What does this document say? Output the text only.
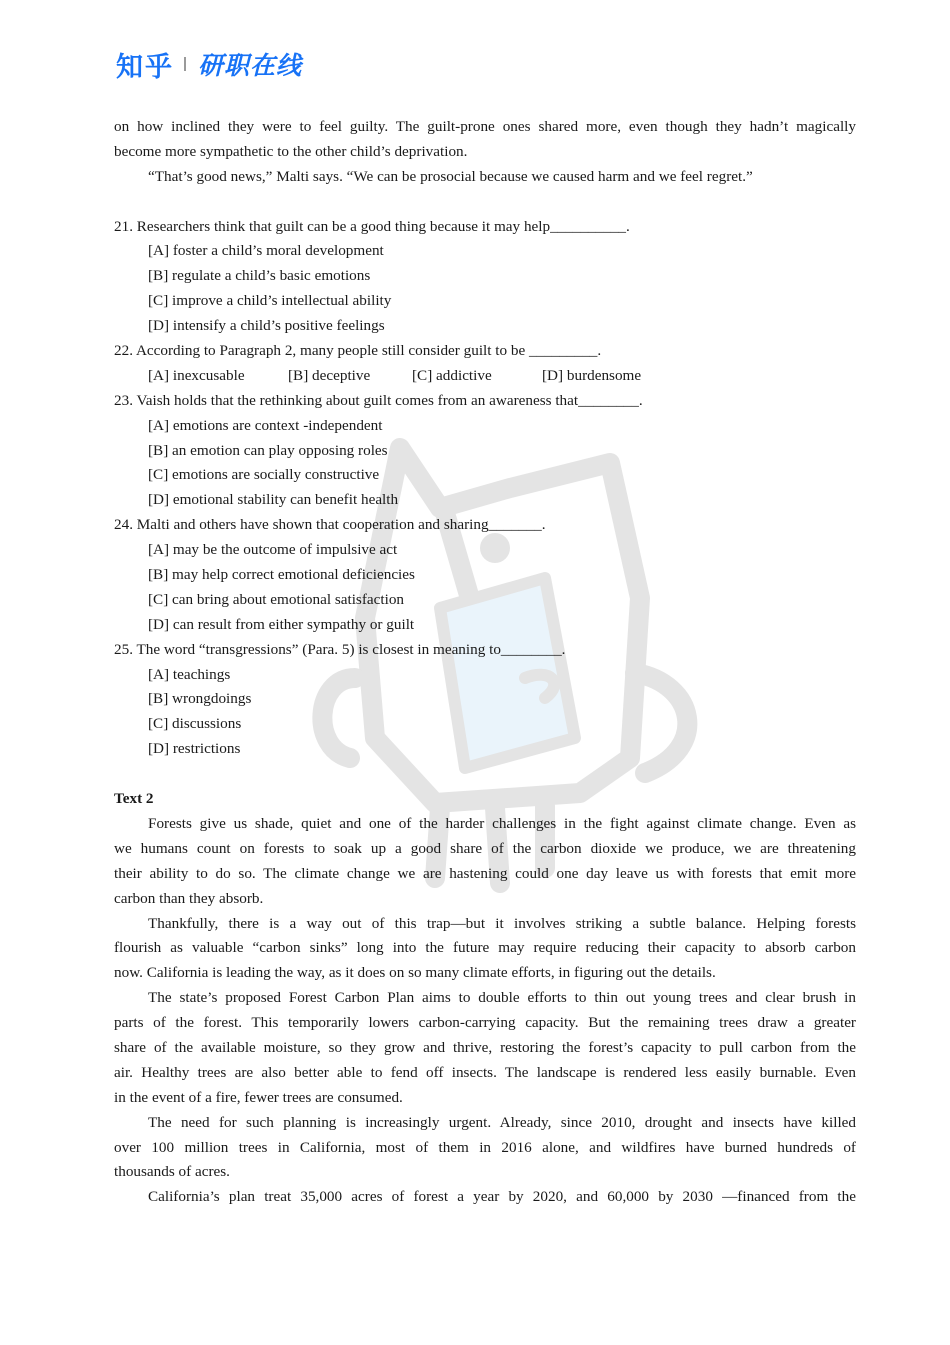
知乎 研职在线
on how inclined they were to feel guilty. The guilt-prone ones shared more, even though they hadn’t magically
become more sympathetic to the other child’s deprivation.
“That’s good news,” Malti says. “We can be prosocial because we caused harm and we feel regret.”
21. Researchers think that guilt can be a good thing because it may help__________.
[A] foster a child’s moral development
[B] regulate a child’s basic emotions
[C] improve a child’s intellectual ability
[D] intensify a child’s positive feelings
22. According to Paragraph 2, many people still consider guilt to be _________.
[A] inexcusable	[B] deceptive	[C] addictive	[D] burdensome
23. Vaish holds that the rethinking about guilt comes from an awareness that________.
[A] emotions are context -independent
[B] an emotion can play opposing roles
[C] emotions are socially constructive
[D] emotional stability can benefit health
24. Malti and others have shown that cooperation and sharing_______.
[A] may be the outcome of impulsive act
[B] may help correct emotional deficiencies
[C] can bring about emotional satisfaction
[D] can result from either sympathy or guilt
25. The word “transgressions” (Para. 5) is closest in meaning to________.
[A] teachings
[B] wrongdoings
[C] discussions
[D] restrictions
Text 2
Forests give us shade, quiet and one of the harder challenges in the fight against climate change. Even as
we humans count on forests to soak up a good share of the carbon dioxide we produce, we are threatening
their ability to do so. The climate change we are hastening could one day leave us with forests that emit more
carbon than they absorb.
Thankfully, there is a way out of this trap—but it involves striking a subtle balance. Helping forests
flourish as valuable “carbon sinks” long into the future may require reducing their capacity to absorb carbon
now. California is leading the way, as it does on so many climate efforts, in figuring out the details.
The state’s proposed Forest Carbon Plan aims to double efforts to thin out young trees and clear brush in
parts of the forest. This temporarily lowers carbon-carrying capacity. But the remaining trees draw a greater
share of the available moisture, so they grow and thrive, restoring the forest’s capacity to pull carbon from the
air. Healthy trees are also better able to fend off insects. The landscape is rendered less easily burnable. Even
in the event of a fire, fewer trees are consumed.
The need for such planning is increasingly urgent. Already, since 2010, drought and insects have killed
over 100 million trees in California, most of them in 2016 alone, and wildfires have burned hundreds of
thousands of acres.
California’s plan treat 35,000 acres of forest a year by 2020, and 60,000 by 2030 —financed from the
